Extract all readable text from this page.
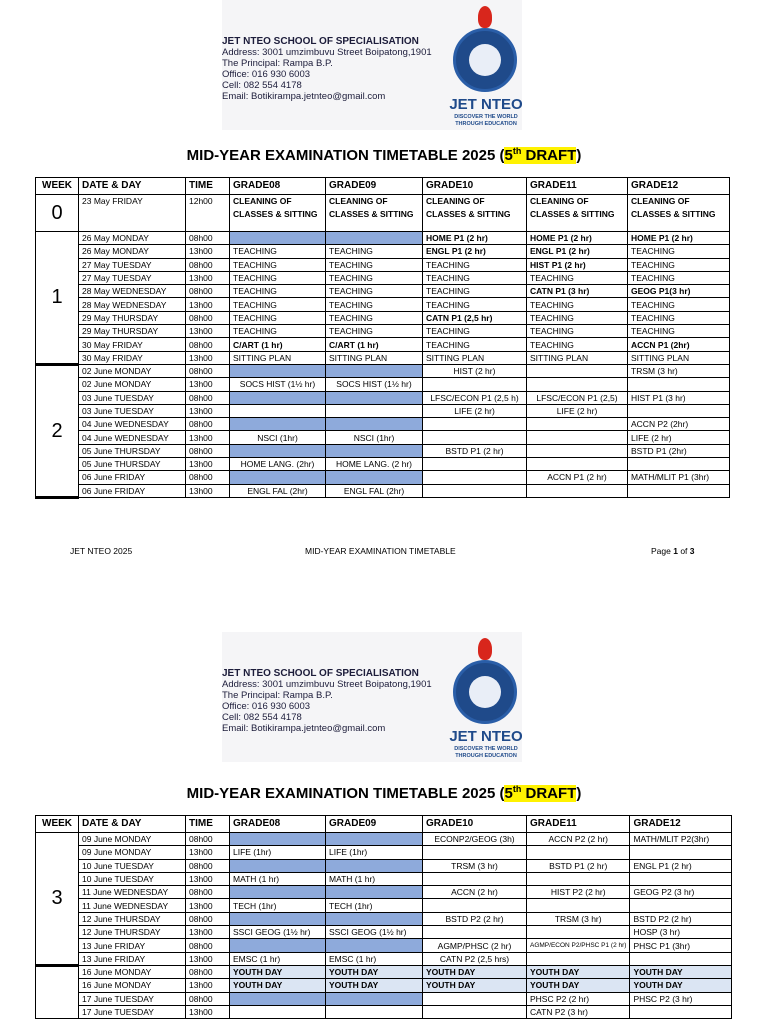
JET NTEO SCHOOL OF SPECIALISATION
Address: 3001 umzimbuvu Street Boipatong,1901
The Principal: Rampa B.P.
Office: 016 930 6003
Cell: 082 554 4178
Email: Botikirampa.jetnteo@gmail.com	JET NTEO
DISCOVER THE WORLD
THROUGH EDUCATION
MID-YEAR EXAMINATION TIMETABLE 2025 (5th DRAFT)
WEEK	DATE & DAY	TIME	GRADE08	GRADE09	GRADE10	GRADE11	GRADE12
0	23 May FRIDAY	12h00	CLEANING OF CLASSES & SITTING	CLEANING OF CLASSES & SITTING	CLEANING OF CLASSES & SITTING	CLEANING OF CLASSES & SITTING	CLEANING OF CLASSES & SITTING
1	26 May MONDAY	08h00			HOME P1 (2 hr)	HOME P1 (2 hr)	HOME P1 (2 hr)
	26 May MONDAY	13h00	TEACHING	TEACHING	ENGL P1 (2 hr)	ENGL P1 (2 hr)	TEACHING
	27 May TUESDAY	08h00	TEACHING	TEACHING	TEACHING	HIST P1 (2 hr)	TEACHING
	27 May TUESDAY	13h00	TEACHING	TEACHING	TEACHING	TEACHING	TEACHING
	28 May WEDNESDAY	08h00	TEACHING	TEACHING	TEACHING	CATN P1 (3 hr)	GEOG P1(3 hr)
	28 May WEDNESDAY	13h00	TEACHING	TEACHING	TEACHING	TEACHING	TEACHING
	29 May THURSDAY	08h00	TEACHING	TEACHING	CATN P1 (2,5 hr)	TEACHING	TEACHING
	29 May THURSDAY	13h00	TEACHING	TEACHING	TEACHING	TEACHING	TEACHING
	30 May FRIDAY	08h00	C/ART (1 hr)	C/ART (1 hr)	TEACHING	TEACHING	ACCN P1 (2hr)
	30 May FRIDAY	13h00	SITTING PLAN	SITTING PLAN	SITTING PLAN	SITTING PLAN	SITTING PLAN
2	02 June MONDAY	08h00			HIST (2 hr)		TRSM (3 hr)
	02 June MONDAY	13h00	SOCS HIST (1½ hr)	SOCS HIST (1½ hr)			
	03 June TUESDAY	08h00			LFSC/ECON P1 (2,5 h)	LFSC/ECON P1 (2,5)	HIST P1 (3 hr)
	03 June TUESDAY	13h00			LIFE (2 hr)	LIFE (2 hr)	
	04 June WEDNESDAY	08h00					ACCN P2 (2hr)
	04 June WEDNESDAY	13h00	NSCI (1hr)	NSCI (1hr)			LIFE (2 hr)
	05 June THURSDAY	08h00			BSTD P1 (2 hr)		BSTD P1 (2hr)
	05 June THURSDAY	13h00	HOME LANG. (2hr)	HOME LANG. (2 hr)			
	06 June FRIDAY	08h00				ACCN P1 (2 hr)	MATH/MLIT P1 (3hr)
	06 June FRIDAY	13h00	ENGL FAL (2hr)	ENGL FAL (2hr)			
JET NTEO 2025	MID-YEAR EXAMINATION TIMETABLE	Page 1 of 3
JET NTEO SCHOOL OF SPECIALISATION
Address: 3001 umzimbuvu Street Boipatong,1901
The Principal: Rampa B.P.
Office: 016 930 6003
Cell: 082 554 4178
Email: Botikirampa.jetnteo@gmail.com	JET NTEO
DISCOVER THE WORLD
THROUGH EDUCATION
MID-YEAR EXAMINATION TIMETABLE 2025 (5th DRAFT)
WEEK	DATE & DAY	TIME	GRADE08	GRADE09	GRADE10	GRADE11	GRADE12
3	09 June MONDAY	08h00			ECONP2/GEOG (3h)	ACCN P2 (2 hr)	MATH/MLIT P2(3hr)
	09 June MONDAY	13h00	LIFE (1hr)	LIFE (1hr)			
	10 June TUESDAY	08h00			TRSM (3 hr)	BSTD P1 (2 hr)	ENGL P1 (2 hr)
	10 June TUESDAY	13h00	MATH (1 hr)	MATH (1 hr)			
	11 June WEDNESDAY	08h00			ACCN (2 hr)	HIST P2 (2 hr)	GEOG P2 (3 hr)
	11 June WEDNESDAY	13h00	TECH (1hr)	TECH (1hr)			
	12 June THURSDAY	08h00			BSTD P2 (2 hr)	TRSM (3 hr)	BSTD P2 (2 hr)
	12 June THURSDAY	13h00	SSCI GEOG (1½ hr)	SSCI GEOG (1½ hr)			HOSP (3 hr)
	13 June FRIDAY	08h00			AGMP/PHSC (2 hr)	AGMP/ECON P2/PHSC P1 (2 hr)	PHSC P1 (3hr)
	13 June FRIDAY	13h00	EMSC (1 hr)	EMSC (1 hr)	CATN P2 (2,5 hrs)		
	16 June MONDAY	08h00	YOUTH DAY	YOUTH DAY	YOUTH DAY	YOUTH DAY	YOUTH DAY
	16 June MONDAY	13h00	YOUTH DAY	YOUTH DAY	YOUTH DAY	YOUTH DAY	YOUTH DAY
	17 June TUESDAY	08h00				PHSC P2 (2 hr)	PHSC P2 (3 hr)
	17 June TUESDAY	13h00				CATN P2 (3 hr)	
